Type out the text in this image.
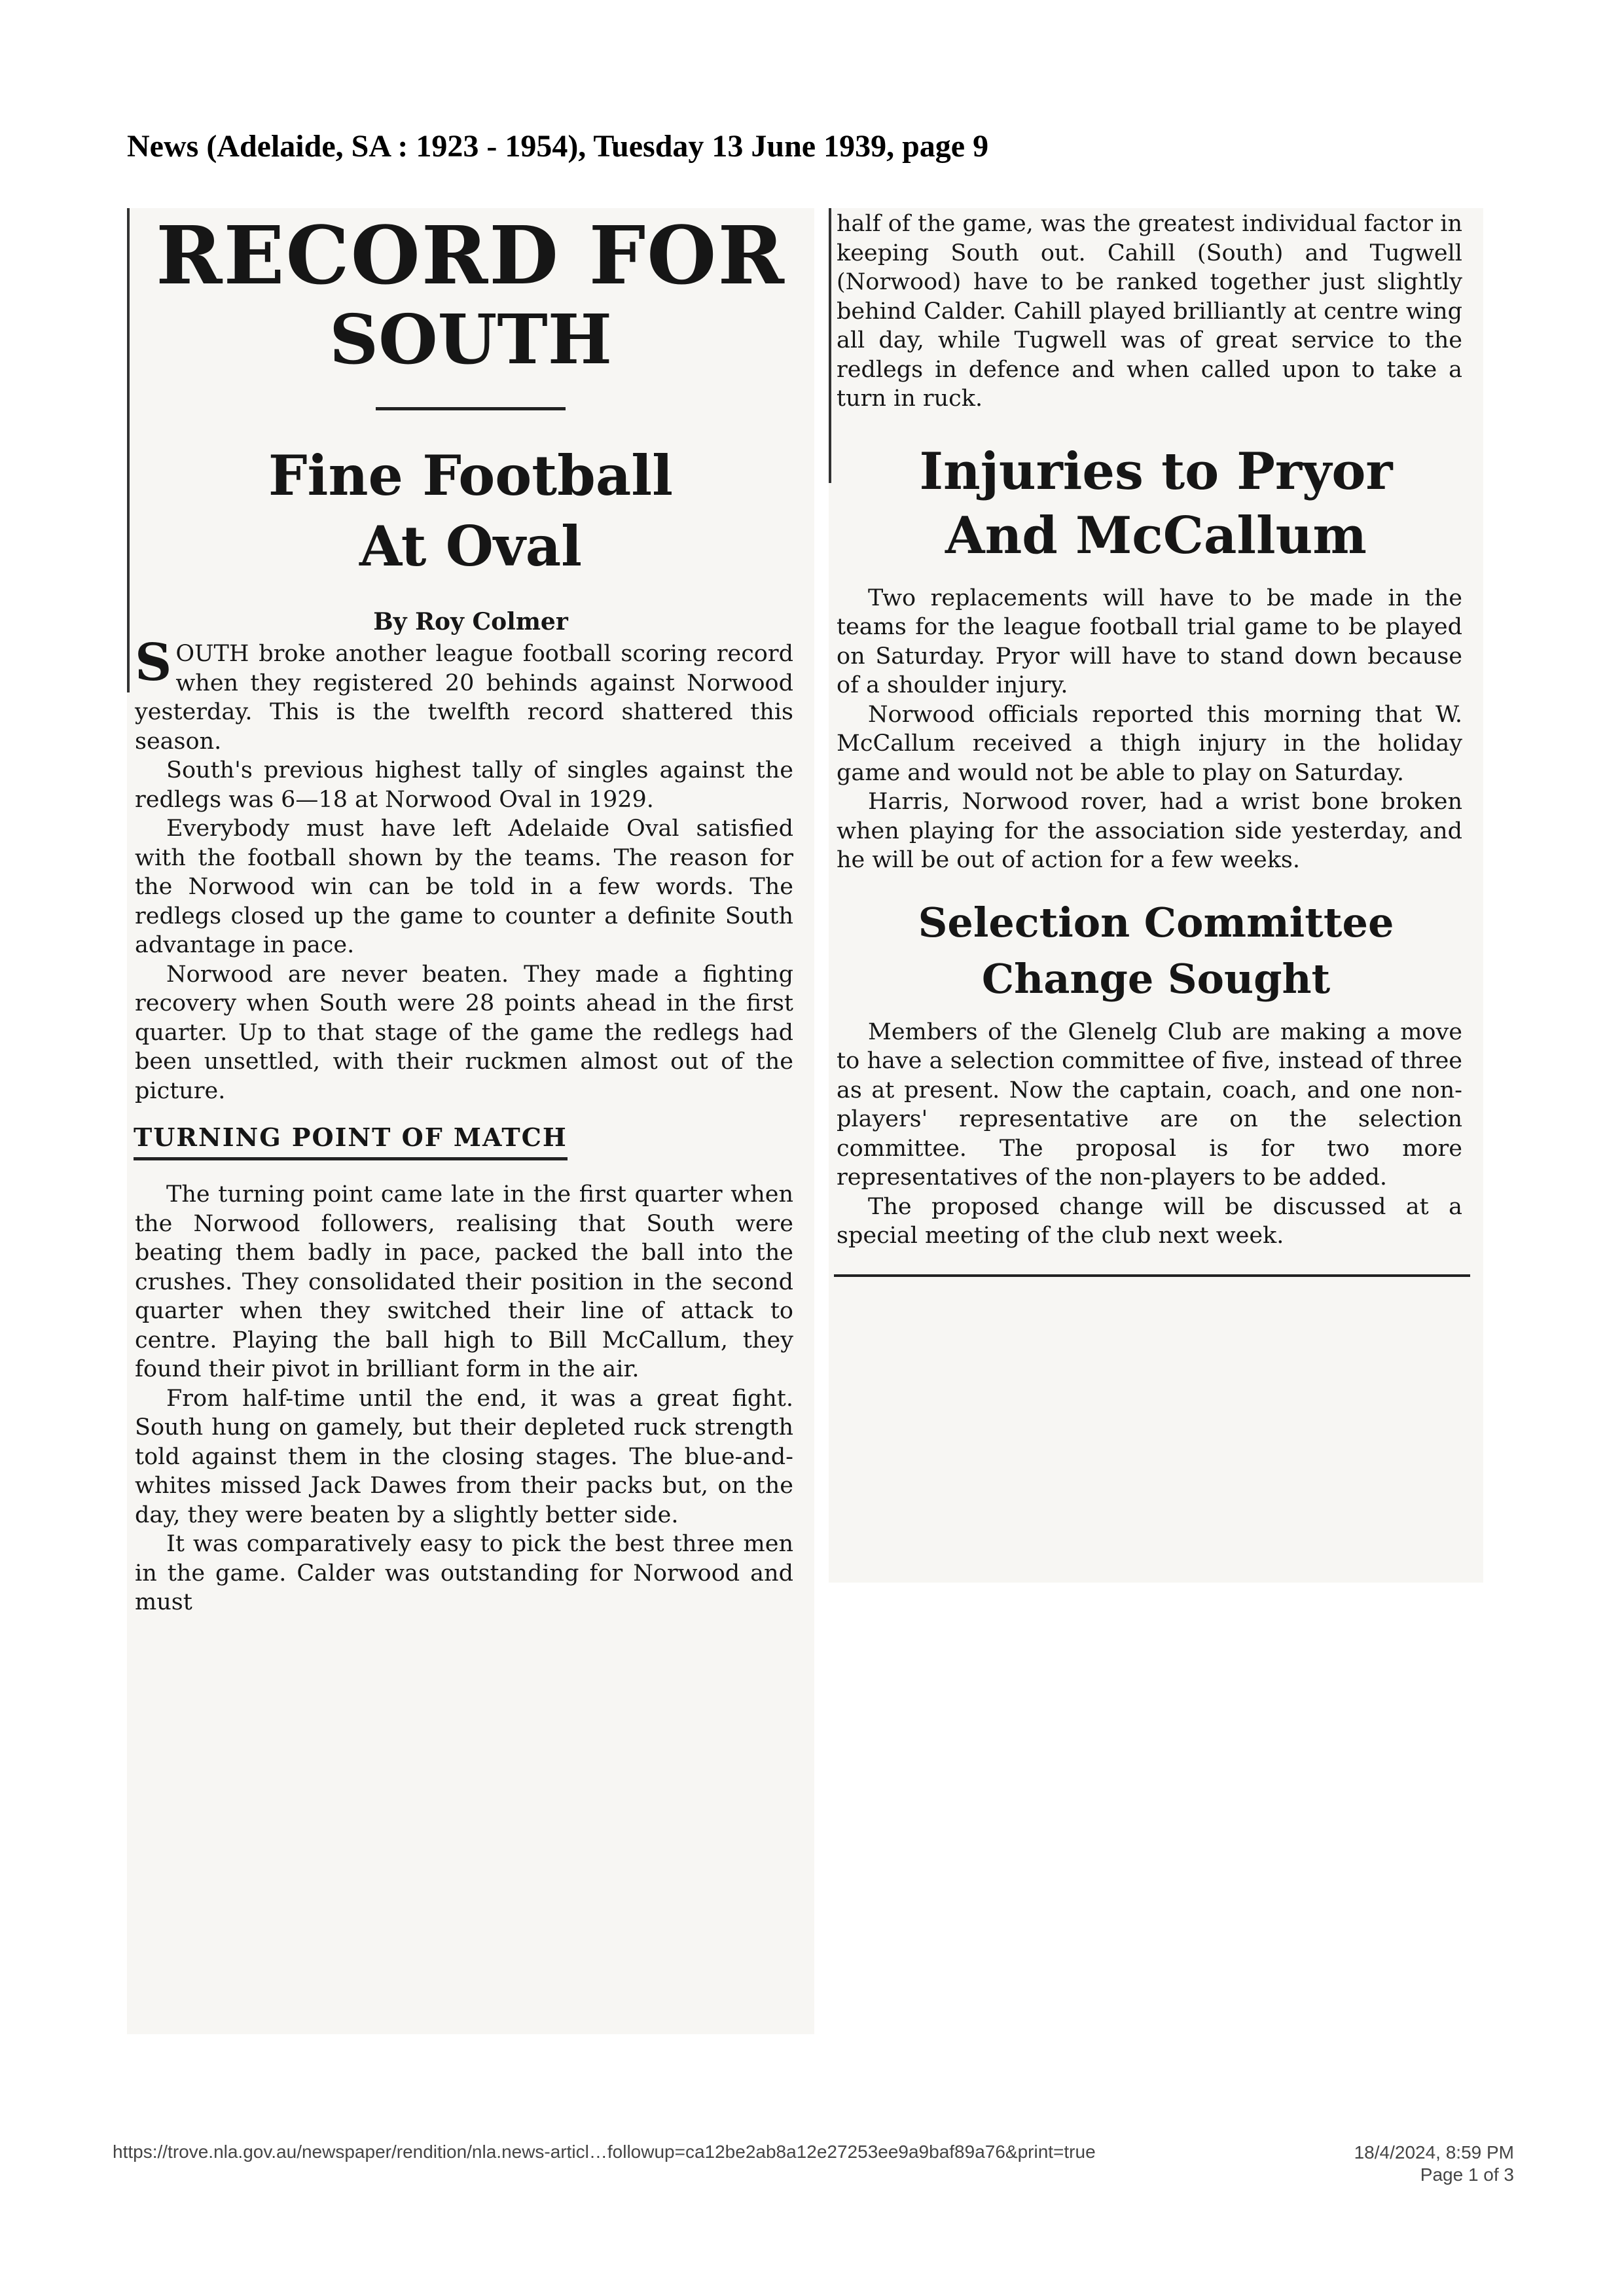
News (Adelaide, SA : 1923 - 1954), Tuesday 13 June 1939, page 9
RECORD FOR
SOUTH
Fine Football
At Oval
By Roy Colmer

SOUTH broke another league football scoring record when they registered 20 behinds against Norwood yesterday. This is the twelfth record shattered this season.

South's previous highest tally of singles against the redlegs was 6—18 at Norwood Oval in 1929.

Everybody must have left Adelaide Oval satisfied with the football shown by the teams. The reason for the Norwood win can be told in a few words. The redlegs closed up the game to counter a definite South advantage in pace.

Norwood are never beaten. They made a fighting recovery when South were 28 points ahead in the first quarter. Up to that stage of the game the redlegs had been unsettled, with their ruckmen almost out of the picture.

TURNING POINT OF MATCH

The turning point came late in the first quarter when the Norwood followers, realising that South were beating them badly in pace, packed the ball into the crushes. They consolidated their position in the second quarter when they switched their line of attack to centre. Playing the ball high to Bill McCallum, they found their pivot in brilliant form in the air.

From half-time until the end, it was a great fight. South hung on gamely, but their depleted ruck strength told against them in the closing stages. The blue-and-whites missed Jack Dawes from their packs but, on the day, they were beaten by a slightly better side.

It was comparatively easy to pick the best three men in the game. Calder was outstanding for Norwood and must

half of the game, was the greatest individual factor in keeping South out. Cahill (South) and Tugwell (Norwood) have to be ranked together just slightly behind Calder. Cahill played brilliantly at centre wing all day, while Tugwell was of great service to the redlegs in defence and when called upon to take a turn in ruck.

Injuries to Pryor
And McCallum

Two replacements will have to be made in the teams for the league football trial game to be played on Saturday. Pryor will have to stand down because of a shoulder injury.

Norwood officials reported this morning that W. McCallum received a thigh injury in the holiday game and would not be able to play on Saturday.

Harris, Norwood rover, had a wrist bone broken when playing for the association side yesterday, and he will be out of action for a few weeks.

Selection Committee
Change Sought

Members of the Glenelg Club are making a move to have a selection committee of five, instead of three as at present. Now the captain, coach, and one non-players' representative are on the selection committee. The proposal is for two more representatives of the non-players to be added.

The proposed change will be discussed at a special meeting of the club next week.

https://trove.nla.gov.au/newspaper/rendition/nla.news-articl…followup=ca12be2ab8a12e27253ee9a9baf89a76&print=true	18/4/2024, 8:59 PM
Page 1 of 3
